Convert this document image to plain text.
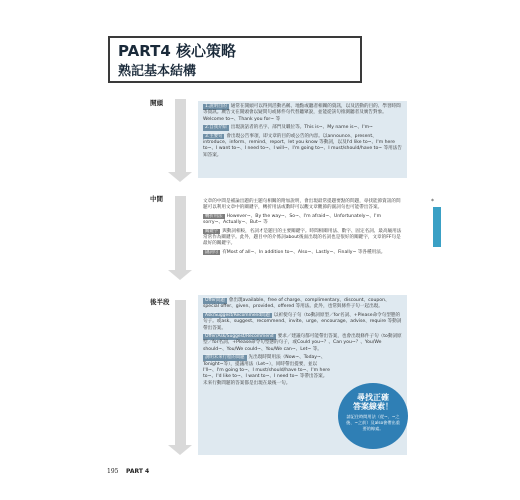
PART4 核心策略
熟記基本結構
開頭	1.說明目的 通常在開頭可以得到活動名稱、地點或聽者相關的資訊，以及活動的目的、學習時間等資訊。廣告文在開頭會以疑問句或條件句代替聽眾說，並能從該句推測聽者及廣告對象。Welcome to~、Thank you for~ 等

2.自我介紹 出現說話者的名字、部門及職位等。This is~、My name is~、I'm~

3.主要句 會出現公告事項，即文章的目的或公告的內容。以announce、present、introduce、inform、remind、report、let you know 等動詞，以及I'd like to~、I'm here to~、I want to~、I need to~、I will~、I'm going to~、I must/should/have to~ 等用法告知答案。

中間	文章的中間是補論出題的主題句相關的附加說明，會出現最常提題要點的問題，尋找能節資訊的問題可以利用文章中的關鍵字，轉折用法或數時可以觀文章觀節的副詞句也可能帶出答案。

轉折用法 However~、By the way~、So~、I'm afraid~、Unfortunately~、I'm sorry~、Actually~、But~ 等

關鍵字 與動詞相較，名詞才是題目的主要關鍵字。時間相關用法、數字、固定名詞、最高級用法常常作為關鍵字。此外，題目中的介係詞about後面出現的名詞也是很好的關鍵字，文章的FF句是最好的關鍵字。

副詞句 有Most of all~、In addition to~、Also~、Lastly~、Finally~ 等各種用法。

後半段	Offer問題 會出現available、free of charge、complimentary、discount、coupon、special offer、given、provided、offered 等用法。此外，也常與條件子句一起出現。

Ask/Suggest/Recommend問題 以祈使句子句（to動詞原型／for名詞、+Please命令句型態的句子。或ask、suggest、recommend、invite、urge、encourage、advise、require 等動詞帶出答案。

Offer/Ask/Suggest/Recommend 要求／建議句都可能帶出答案，也會出現條件子句（to動詞原型／for名詞、+Please命令句型態的句子，或Could you~？、Can you~？、You/We should~、You/We could~、You/We can~、Let~ 等。

說明未來行程的問題 先出現時間用法（Now~、Today~、Tonight~等），提議用法（Let~），同時帶出提要，並以I'll~、I'm going to~、I must/should/have to~、I'm here to~、I'd like to~、I want to~、I need to~ 等帶出答案。未來行動問題的答案都是出現在最後一句。

尋找正確
答案線索！
請記住時間用法（從~、~之後、~之前）及also會帶出重要的線索。
*
195 PART 4
